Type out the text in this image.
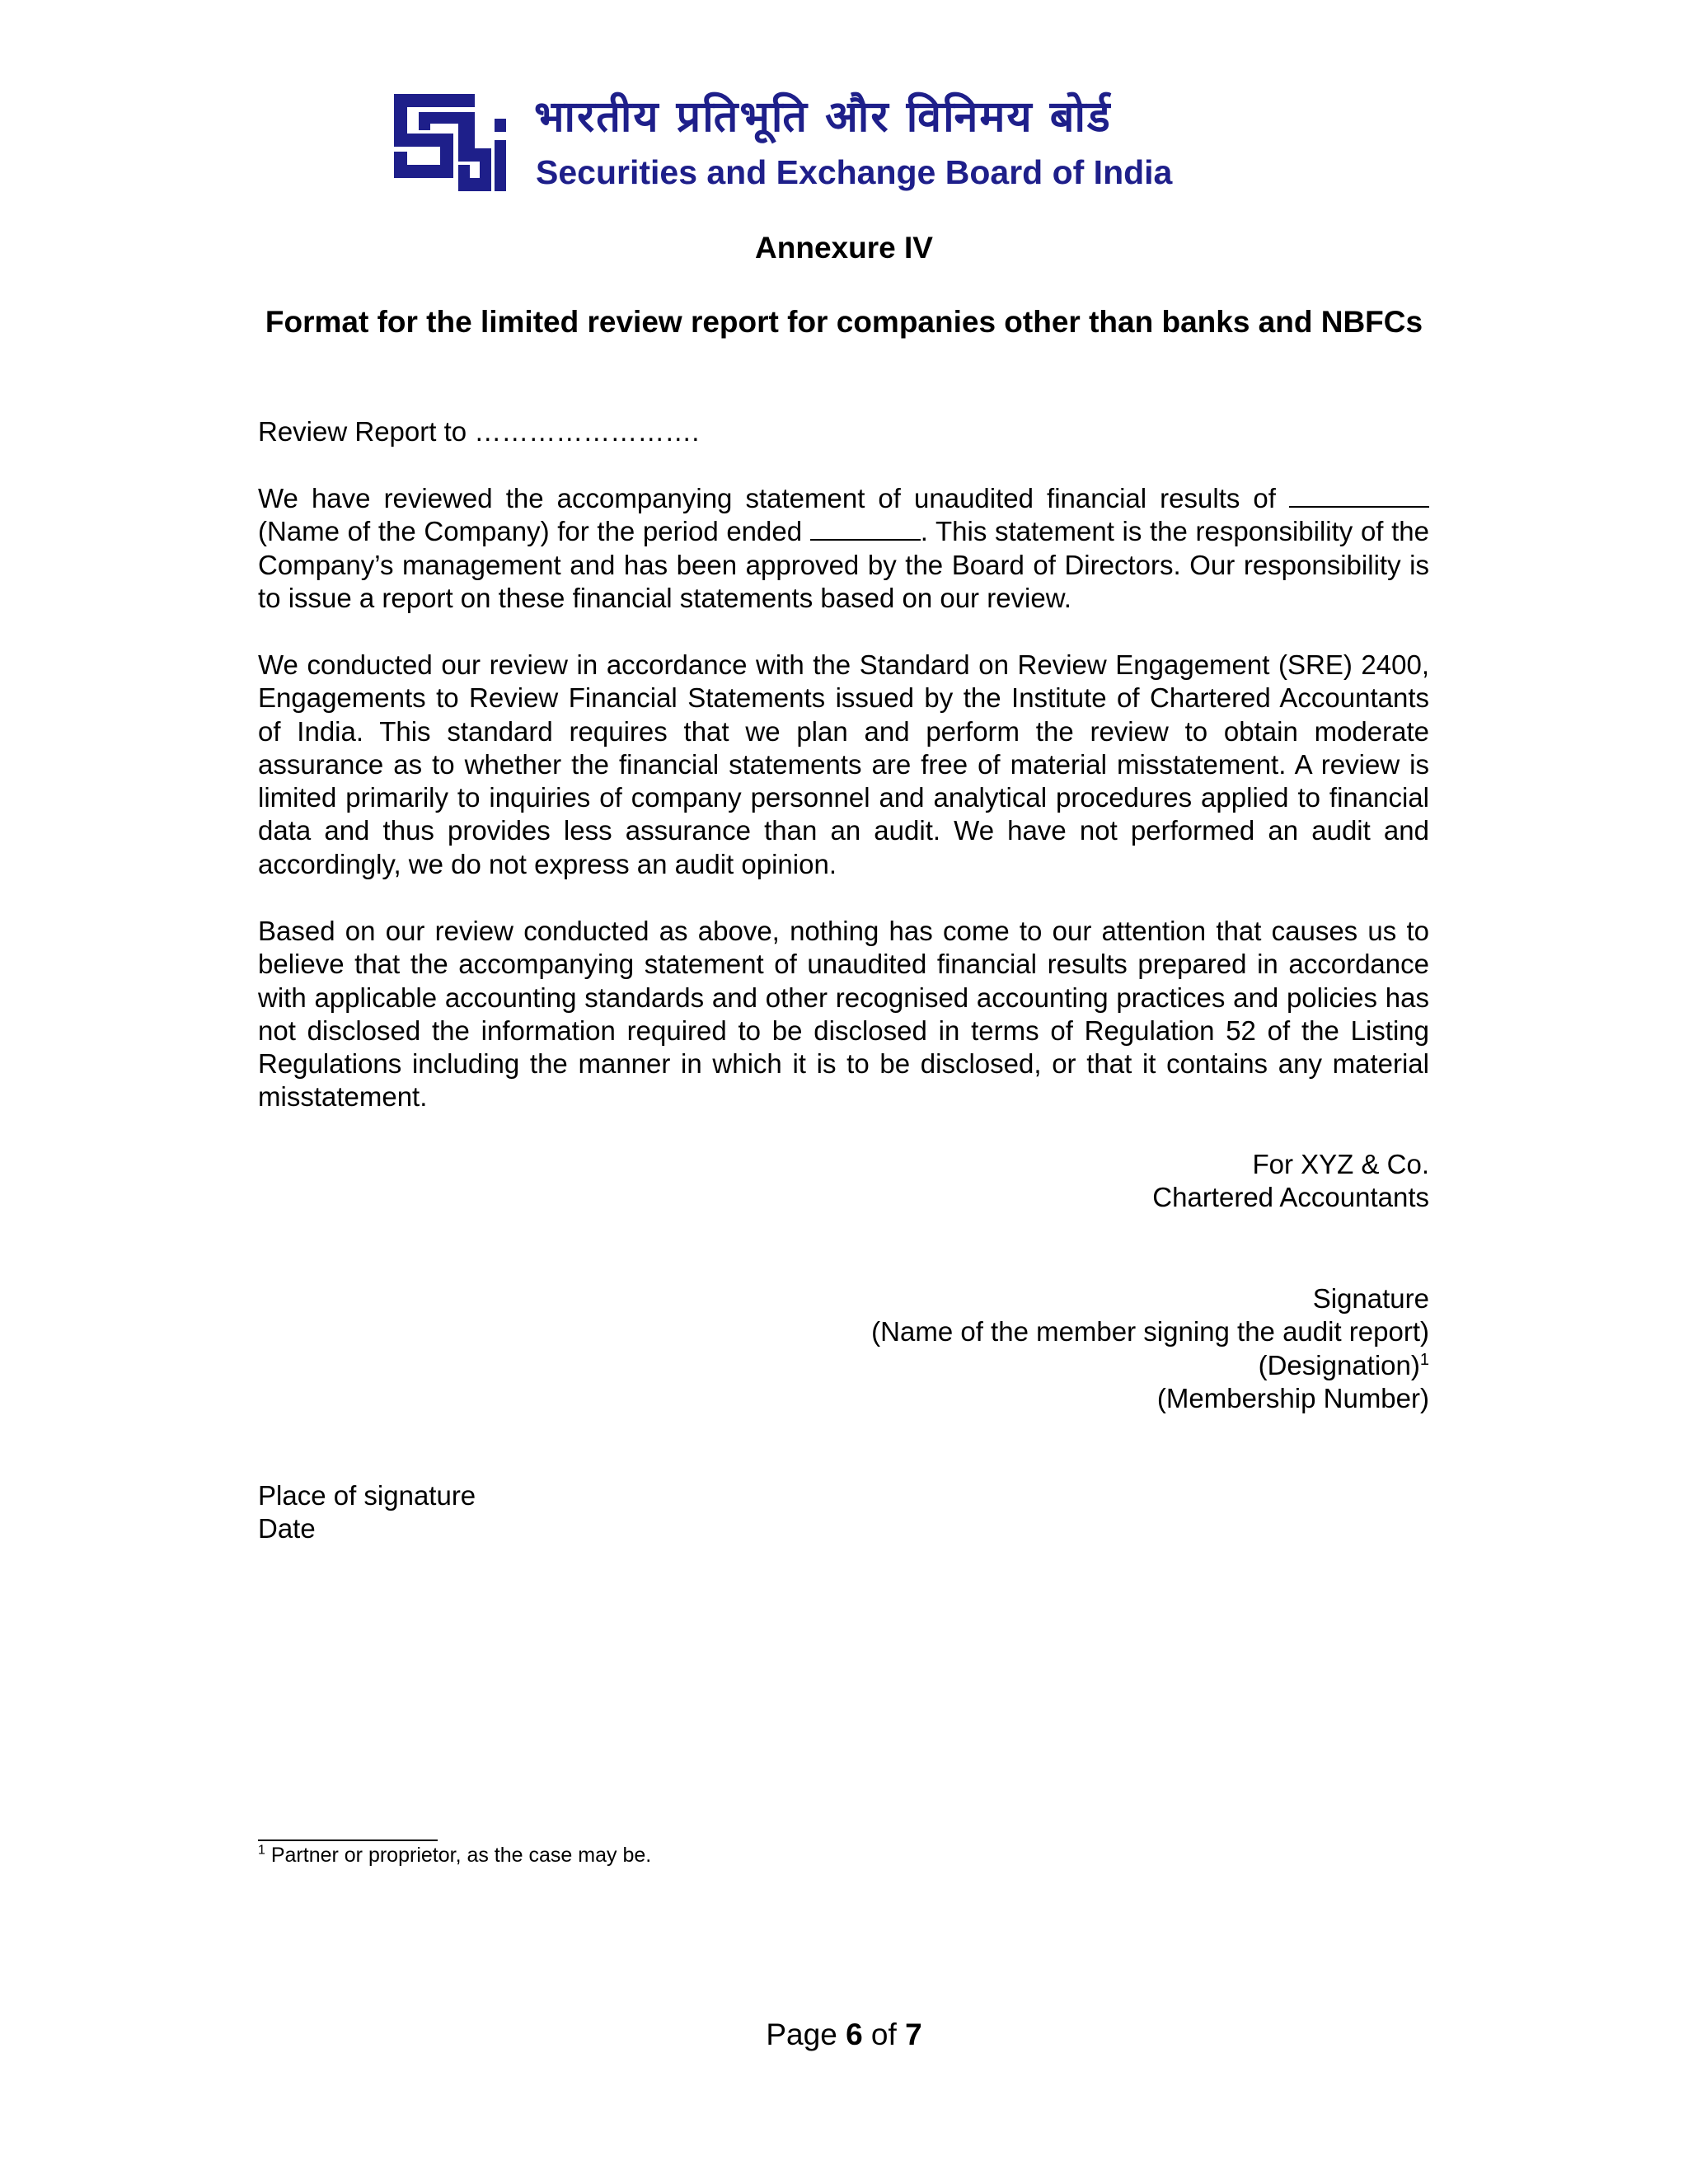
भारतीय प्रतिभूति और विनिमय बोर्ड
Securities and Exchange Board of India
Annexure IV
Format for the limited review report for companies other than banks and NBFCs
Review Report to …………………….
We have reviewed the accompanying statement of unaudited financial results of  (Name of the Company) for the period ended	. This statement is the responsibility of the Company’s management and has been approved by the Board of Directors. Our responsibility is to issue a report on these financial statements based on our review.
We conducted our review in accordance with the Standard on Review Engagement (SRE) 2400, Engagements to Review Financial Statements issued by the Institute of Chartered Accountants of India. This standard requires that we plan and perform the review to obtain moderate assurance as to whether the financial statements are free of material misstatement. A review is limited primarily to inquiries of company personnel and analytical procedures applied to financial data and thus provides less assurance than an audit. We have not performed an audit and accordingly, we do not express an audit opinion.
Based on our review conducted as above, nothing has come to our attention that causes us to believe that the accompanying statement of unaudited financial results prepared in accordance with applicable accounting standards and other recognised accounting practices and policies has not disclosed the information required to be disclosed in terms of Regulation 52 of the Listing Regulations including the manner in which it is to be disclosed, or that it contains any material misstatement.
For XYZ & Co.
Chartered Accountants
Signature
(Name of the member signing the audit report)
(Designation)$^1$
(Membership Number)
Place of signature
Date
$^1$ Partner or proprietor, as the case may be.
Page 6 of 7
